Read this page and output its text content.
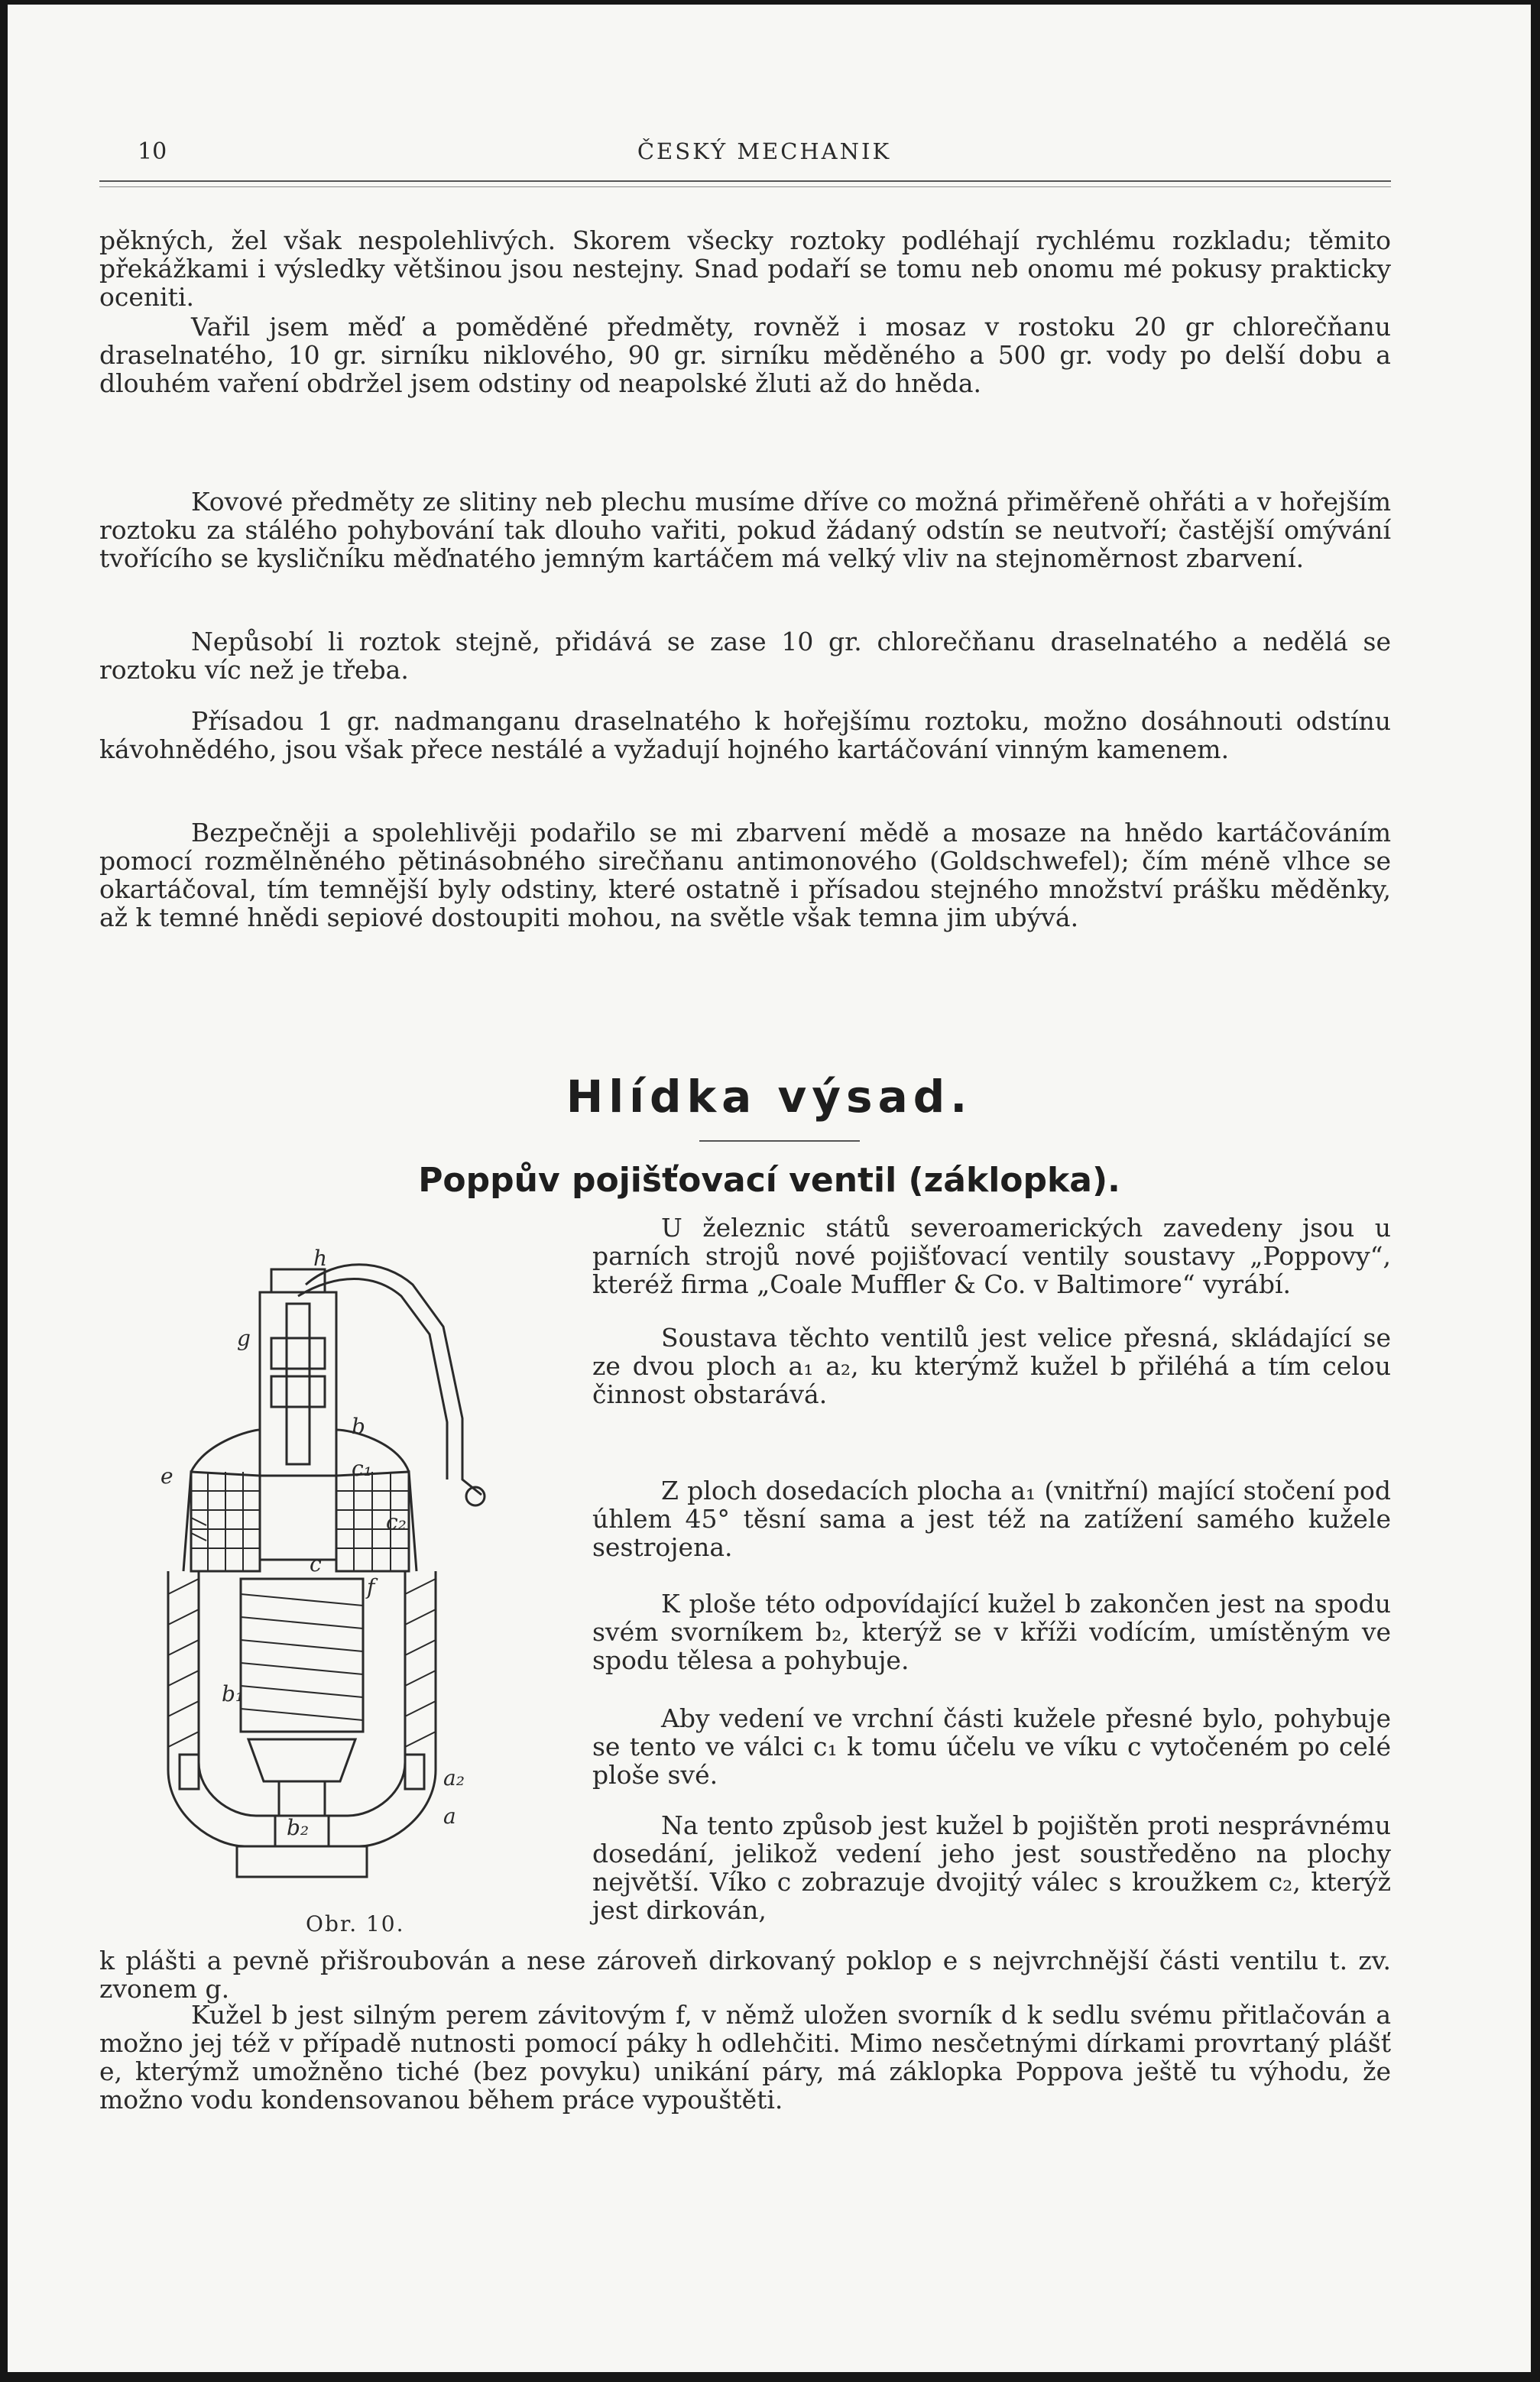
10	ČESKÝ MECHANIK

pěkných, žel však nespolehlivých. Skorem všecky roztoky podléhají rychlému rozkladu; těmito překážkami i výsledky většinou jsou nestejny. Snad podaří se tomu neb onomu mé pokusy prakticky oceniti.

Vařil jsem měď a poměděné předměty, rovněž i mosaz v rostoku 20 gr chlorečňanu draselnatého, 10 gr. sirníku niklového, 90 gr. sirníku měděného a 500 gr. vody po delší dobu a dlouhém vaření obdržel jsem odstiny od neapolské žluti až do hněda.

Kovové předměty ze slitiny neb plechu musíme dříve co možná přiměřeně ohřáti a v hořejším roztoku za stálého pohybování tak dlouho vařiti, pokud žádaný odstín se neutvoří; častější omývání tvořícího se kysličníku měďnatého jemným kartáčem má velký vliv na stejnoměrnost zbarvení.

Nepůsobí li roztok stejně, přidává se zase 10 gr. chlorečňanu draselnatého a nedělá se roztoku víc než je třeba.

Přísadou 1 gr. nadmanganu draselnatého k hořejšímu roztoku, možno dosáhnouti odstínu kávohnědého, jsou však přece nestálé a vyžadují hojného kartáčování vinným kamenem.

Bezpečněji a spolehlivěji podařilo se mi zbarvení mědě a mosaze na hnědo kartáčováním pomocí rozmělněného pětinásobného sirečňanu antimonového (Goldschwefel); čím méně vlhce se okartáčoval, tím temnější byly odstiny, které ostatně i přísadou stejného množství prášku měděnky, až k temné hnědi sepiové dostoupiti mohou, na světle však temna jim ubývá.

Hlídka výsad.
Poppův pojišťovací ventil (záklopka).

U železnic států severoamerických zavedeny jsou u parních strojů nové pojišťovací ventily soustavy „Poppovy“, kteréž firma „Coale Muffler & Co. v Baltimore“ vyrábí.

Soustava těchto ventilů jest velice přesná, skládající se ze dvou ploch a₁ a₂, ku kterýmž kužel b přiléhá a tím celou činnost obstarává.

Z ploch dosedacích plocha a₁ (vnitřní) mající stočení pod úhlem 45° těsní sama a jest též na zatížení samého kužele sestrojena.

K ploše této odpovídající kužel b zakončen jest na spodu svém svorníkem b₂, kterýž se v kříži vodícím, umístěným ve spodu tělesa a pohybuje.

Aby vedení ve vrchní části kužele přesné bylo, pohybuje se tento ve válci c₁ k tomu účelu ve víku c vytočeném po celé ploše své.

Na tento způsob jest kužel b pojištěn proti nesprávnému dosedání, jelikož vedení jeho jest soustředěno na plochy největší. Víko c zobrazuje dvojitý válec s kroužkem c₂, kterýž jest dirkován,

k plášti a pevně přišroubován a nese zároveň dirkovaný poklop e s nejvrchnější části ventilu t. zv. zvonem g.

Kužel b jest silným perem závitovým f, v němž uložen svorník d k sedlu svému přitlačován a možno jej též v případě nutnosti pomocí páky h odlehčiti. Mimo nesčetnými dírkami provrtaný plášť e, kterýmž umožněno tiché (bez povyku) unikání páry, má záklopka Poppova ještě tu výhodu, že možno vodu kondensovanou během práce vypouštěti.

g
h
b
e	c₁
c₂
f
b₁
c
a₂
a
b₂
Obr. 10.
